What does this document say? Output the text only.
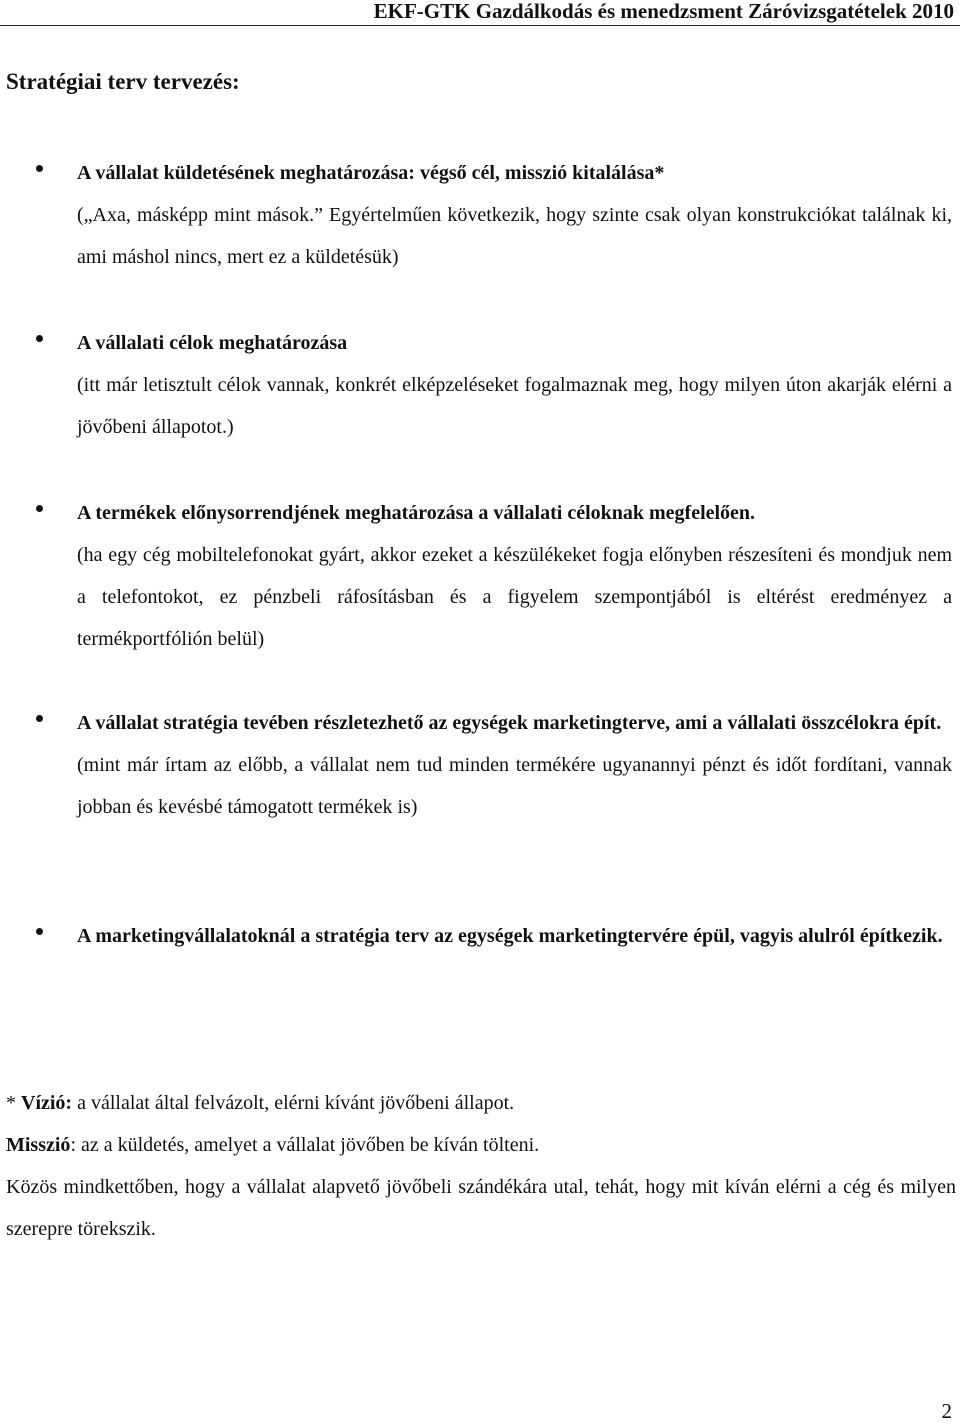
EKF-GTK Gazdálkodás és menedzsment Záróvizsgatételek 2010
Stratégiai terv tervezés:

A vállalat küldetésének meghatározása: végső cél, misszió kitalálása*

(„Axa, másképp mint mások.” Egyértelműen következik, hogy szinte csak olyan konstrukciókat találnak ki, ami máshol nincs, mert ez a küldetésük)

A vállalati célok meghatározása

(itt már letisztult célok vannak, konkrét elképzeléseket fogalmaznak meg, hogy milyen úton akarják elérni a jövőbeni állapotot.)

A termékek előnysorrendjének meghatározása a vállalati céloknak megfelelően.

(ha egy cég mobiltelefonokat gyárt, akkor ezeket a készülékeket fogja előnyben részesíteni és mondjuk nem a telefontokot, ez pénzbeli ráfosításban és a figyelem szempontjából is eltérést eredményez a termékportfólión belül)

A vállalat stratégia tevében részletezhető az egységek marketingterve, ami a vállalati összcélokra épít.

(mint már írtam az előbb, a vállalat nem tud minden termékére ugyanannyi pénzt és időt fordítani, vannak jobban és kevésbé támogatott termékek is)

A marketingvállalatoknál a stratégia terv az egységek marketingtervére épül, vagyis alulról építkezik.

* Vízió: a vállalat által felvázolt, elérni kívánt jövőbeni állapot.

Misszió: az a küldetés, amelyet a vállalat jövőben be kíván tölteni.

Közös mindkettőben, hogy a vállalat alapvető jövőbeli szándékára utal, tehát, hogy mit kíván elérni a cég és milyen szerepre törekszik.

2
